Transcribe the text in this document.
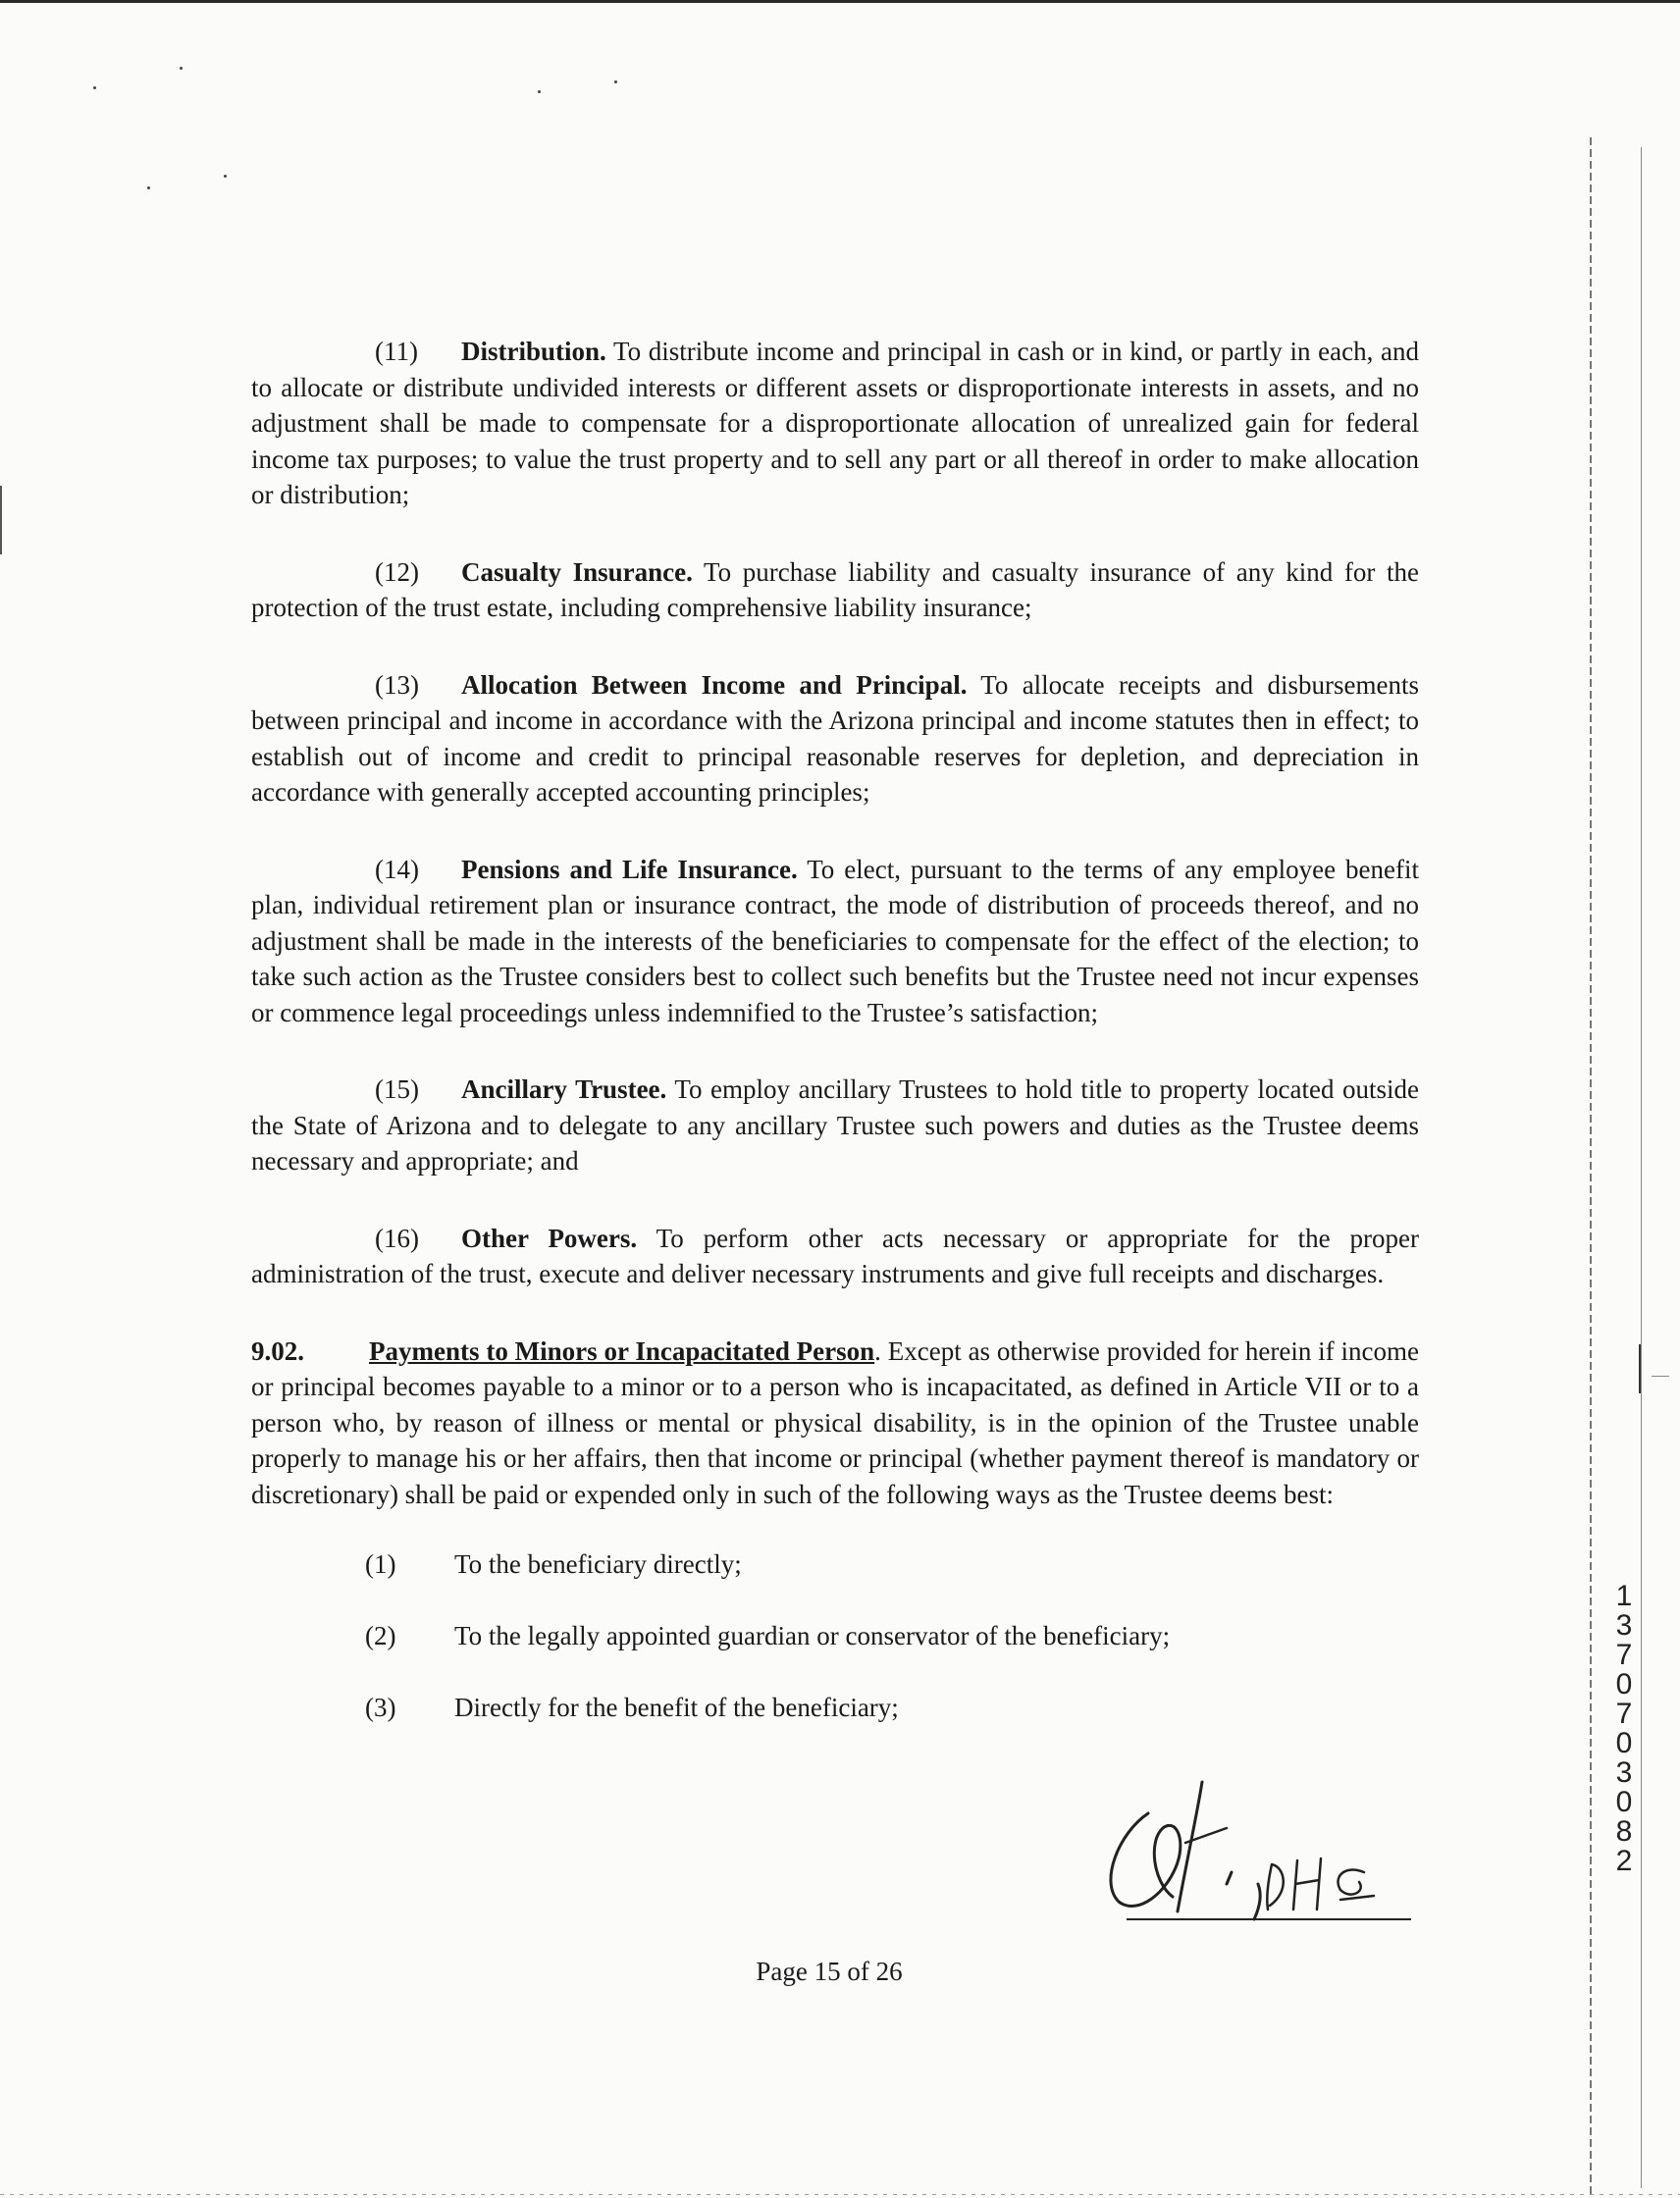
(11) Distribution. To distribute income and principal in cash or in kind, or partly in each, and to allocate or distribute undivided interests or different assets or disproportionate interests in assets, and no adjustment shall be made to compensate for a disproportionate allocation of unrealized gain for federal income tax purposes; to value the trust property and to sell any part or all thereof in order to make allocation or distribution;

(12) Casualty Insurance. To purchase liability and casualty insurance of any kind for the protection of the trust estate, including comprehensive liability insurance;

(13) Allocation Between Income and Principal. To allocate receipts and disbursements between principal and income in accordance with the Arizona principal and income statutes then in effect; to establish out of income and credit to principal reasonable reserves for depletion, and depreciation in accordance with generally accepted accounting principles;

(14) Pensions and Life Insurance. To elect, pursuant to the terms of any employee benefit plan, individual retirement plan or insurance contract, the mode of distribution of proceeds thereof, and no adjustment shall be made in the interests of the beneficiaries to compensate for the effect of the election; to take such action as the Trustee considers best to collect such benefits but the Trustee need not incur expenses or commence legal proceedings unless indemnified to the Trustee’s satisfaction;

(15) Ancillary Trustee. To employ ancillary Trustees to hold title to property located outside the State of Arizona and to delegate to any ancillary Trustee such powers and duties as the Trustee deems necessary and appropriate; and

(16) Other Powers. To perform other acts necessary or appropriate for the proper administration of the trust, execute and deliver necessary instruments and give full receipts and discharges.

9.02. Payments to Minors or Incapacitated Person. Except as otherwise provided for herein if income or principal becomes payable to a minor or to a person who is incapacitated, as defined in Article VII or to a person who, by reason of illness or mental or physical disability, is in the opinion of the Trustee unable properly to manage his or her affairs, then that income or principal (whether payment thereof is mandatory or discretionary) shall be paid or expended only in such of the following ways as the Trustee deems best:

(1)	To the beneficiary directly;
(2)	To the legally appointed guardian or conservator of the beneficiary;
(3)	Directly for the benefit of the beneficiary;
13707 03082
Page 15 of 26
